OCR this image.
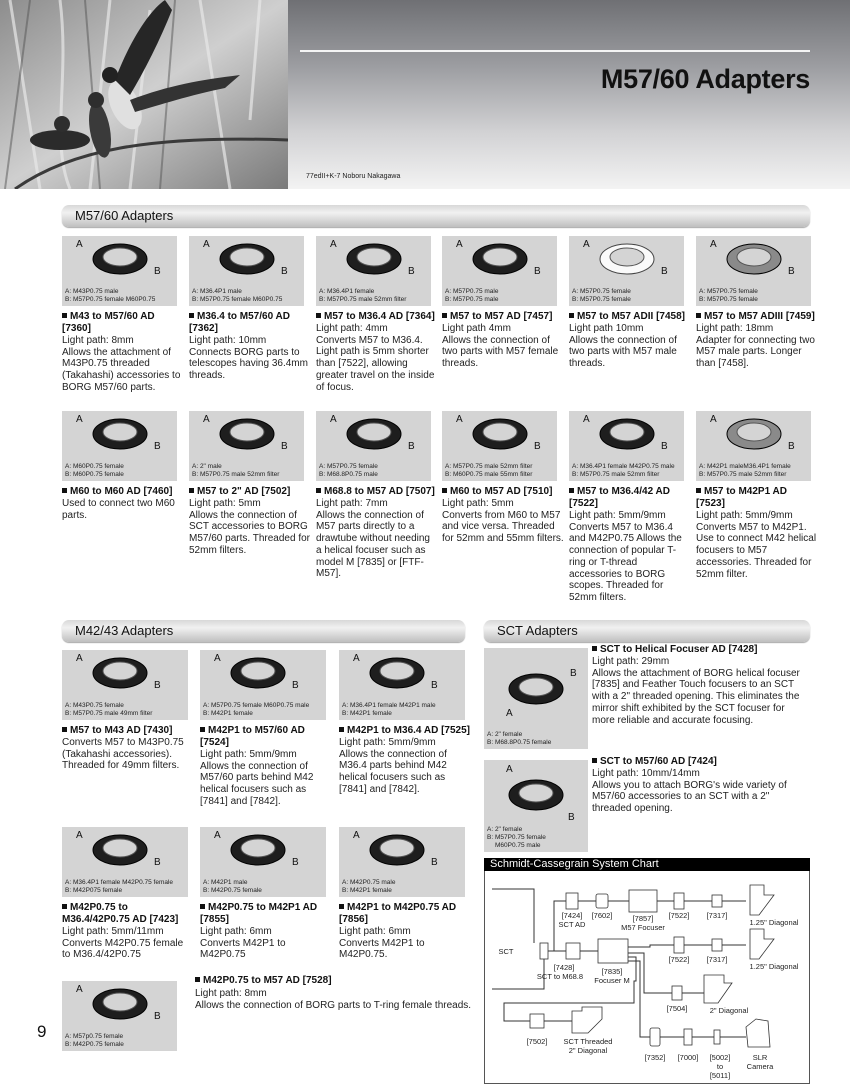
M57/60 Adapters
77edII+K-7 Noboru Nakagawa
M57/60 Adapters
A
B
A: M43P0.75 male
B: M57P0.75 female M60P0.75
M43 to M57/60 AD [7360]
Light path: 8mm
Allows the attachment of M43P0.75 threaded (Takahashi) accessories to BORG M57/60 parts.
A
B
A: M36.4P1 male
B: M57P0.75 female M60P0.75
M36.4 to M57/60 AD [7362]
Light path: 10mm
Connects BORG parts to telescopes having 36.4mm threads.
A
B
A: M36.4P1 female
B: M57P0.75 male 52mm filter
M57 to M36.4 AD [7364]
Light path: 4mm
Converts M57 to M36.4. Light path is 5mm shorter than [7522], allowing greater travel on the inside of focus.
A
B
A: M57P0.75 male
B: M57P0.75 male
M57 to M57 AD [7457]
Light path 4mm
Allows the connection of two parts with M57 female threads.
A
B
A: M57P0.75 female
B: M57P0.75 female
M57 to M57 ADII [7458]
Light path 10mm
Allows the connection of two parts with M57 male threads.
A
B
A: M57P0.75 female
B: M57P0.75 female
M57 to M57 ADIII [7459]
Light path: 18mm
Adapter for connecting two M57 male parts. Longer than [7458].
A
B
A: M60P0.75 female
B: M60P0.75 female
M60 to M60 AD [7460]
Used to connect two M60 parts.
A
B
A: 2" male
B: M57P0.75 male 52mm filter
M57 to 2" AD [7502]
Light path: 5mm
Allows the connection of SCT accessories to BORG M57/60 parts. Threaded for 52mm filters.
A
B
A: M57P0.75 female
B: M68.8P0.75 male
M68.8 to M57 AD [7507]
Light path: 7mm
Allows the connection of M57 parts directly to a drawtube without needing a helical focuser such as model M [7835] or [FTF-M57].
A
B
A: M57P0.75 male 52mm filter
B: M60P0.75 male 55mm filter
M60 to M57 AD [7510]
Light path: 5mm
Converts from M60 to M57 and vice versa. Threaded for 52mm and 55mm filters.
A
B
A: M36.4P1 female M42P0.75 male
B: M57P0.75 male 52mm filter
M57 to M36.4/42 AD [7522]
Light path: 5mm/9mm
Converts M57 to M36.4 and M42P0.75 Allows the connection of popular T-ring or T-thread accessories to BORG scopes. Threaded for 52mm filters.
A
B
A: M42P1 maleM36.4P1 female
B: M57P0.75 male 52mm filter
M57 to M42P1 AD [7523]
Light path: 5mm/9mm
Converts M57 to M42P1. Use to connect M42 helical focusers to M57 accessories. Threaded for 52mm filter.
M42/43 Adapters
A
B
A: M43P0.75 female
B: M57P0.75 male 49mm filter
M57 to M43 AD [7430]
Converts M57 to M43P0.75 (Takahashi accessories). Threaded for 49mm filters.
A
B
A: M57P0.75 female M60P0.75 male
B: M42P1 female
M42P1 to M57/60 AD [7524]
Light path: 5mm/9mm
Allows the connection of M57/60 parts behind M42 helical focusers such as [7841] and [7842].
A
B
A: M36.4P1 female M42P1 male
B: M42P1 female
M42P1 to M36.4 AD [7525]
Light path: 5mm/9mm
Allows the connection of M36.4 parts behind M42 helical focusers such as [7841] and [7842].
A
B
A: M36.4P1 female M42P0.75 female
B: M42P075 female
M42P0.75 to M36.4/42P0.75 AD [7423]
Light path: 5mm/11mm
Converts M42P0.75 female to M36.4/42P0.75
A
B
A: M42P1 male
B: M42P0.75 female
M42P0.75 to M42P1 AD [7855]
Light path: 6mm
Converts M42P1 to M42P0.75
A
B
A: M42P0.75 male
B: M42P1 female
M42P1 to M42P0.75 AD [7856]
Light path: 6mm
Converts M42P1 to M42P0.75.
A
B
A: M57p0.75 female
B: M42P0.75 female
M42P0.75 to M57 AD [7528]
Light path: 8mm
Allows the connection of BORG parts to T-ring female threads.
SCT Adapters
A
B
A: 2" female
B: M68.8P0.75 female
SCT to Helical Focuser AD [7428]
Light path: 29mm
Allows the attachment of BORG helical focuser [7835] and Feather Touch focusers to an SCT with a 2" threaded opening. This eliminates the mirror shift exhibited by the SCT focuser for more reliable and accurate focusing.
A
B
A: 2" female
B: M57P0.75 female
M60P0.75 male
SCT to M57/60 AD [7424]
Light path: 10mm/14mm
Allows you to attach BORG's wide variety of M57/60 accessories to an SCT with a 2" threaded opening.
Schmidt-Cassegrain System Chart
SCT
[7424]
SCT AD
[7602]	[7857]
M57 Focuser
[7522] [7317]
1.25" Diagonal
[7428]
SCT to M68.8
[7835]
Focuser M
[7522] [7317]
1.25" Diagonal
[7504]	2" Diagonal
[7502] SCT Threaded
2" Diagonal
[7352] [7000] [5002]
to
[5011]
SLR
Camera
9
